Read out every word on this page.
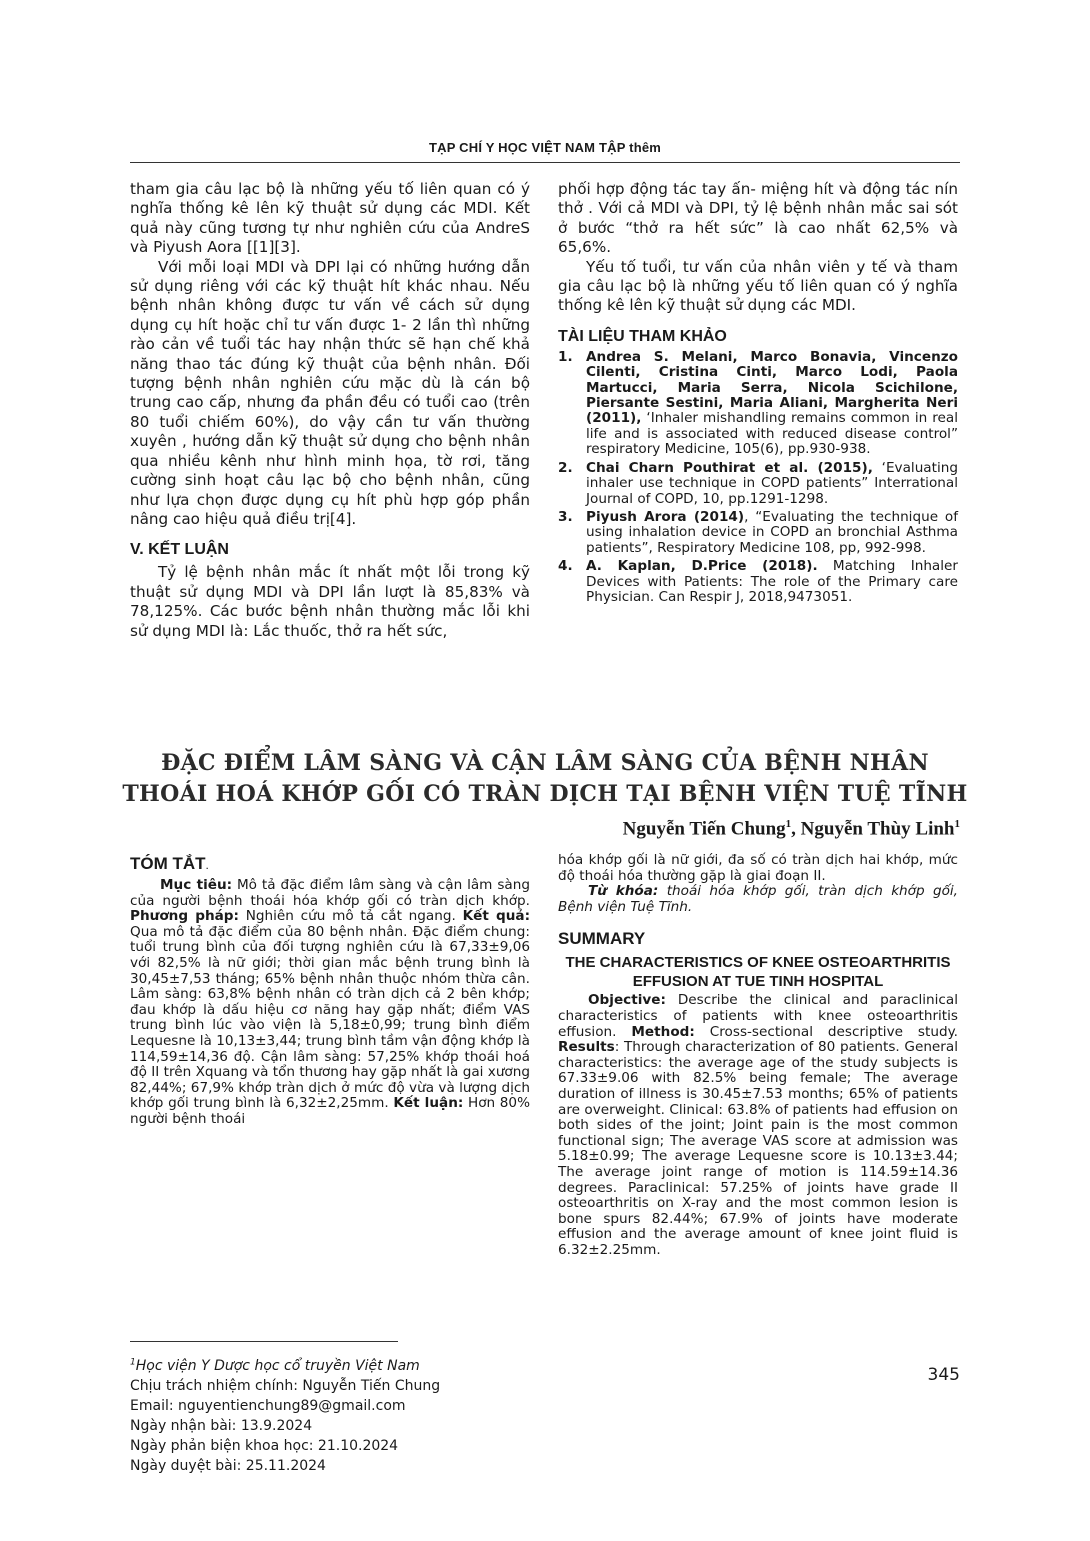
TẠP CHÍ Y HỌC VIỆT NAM TẬP thêm

tham gia câu lạc bộ là những yếu tố liên quan có ý nghĩa thống kê lên kỹ thuật sử dụng các MDI. Kết quả này cũng tương tự như nghiên cứu của AndreS và Piyush Aora [[1][3].

Với mỗi loại MDI và DPI lại có những hướng dẫn sử dụng riêng với các kỹ thuật hít khác nhau. Nếu bệnh nhân không được tư vấn về cách sử dụng dụng cụ hít hoặc chỉ tư vấn được 1- 2 lần thì những rào cản về tuổi tác hay nhận thức sẽ hạn chế khả năng thao tác đúng kỹ thuật của bệnh nhân. Đối tượng bệnh nhân nghiên cứu mặc dù là cán bộ trung cao cấp, nhưng đa phần đều có tuổi cao (trên 80 tuổi chiếm 60%), do vậy cần tư vấn thường xuyên , hướng dẫn kỹ thuật sử dụng cho bệnh nhân qua nhiều kênh như hình minh họa, tờ rơi, tăng cường sinh hoạt câu lạc bộ cho bệnh nhân, cũng như lựa chọn được dụng cụ hít phù hợp góp phần nâng cao hiệu quả điều trị[4].

V. KẾT LUẬN

Tỷ lệ bệnh nhân mắc ít nhất một lỗi trong kỹ thuật sử dụng MDI và DPI lần lượt là 85,83% và 78,125%. Các bước bệnh nhân thường mắc lỗi khi sử dụng MDI là: Lắc thuốc, thở ra hết sức,

phối hợp động tác tay ấn- miệng hít và động tác nín thở . Với cả MDI và DPI, tỷ lệ bệnh nhân mắc sai sót ở bước “thở ra hết sức” là cao nhất 62,5% và 65,6%.

Yếu tố tuổi, tư vấn của nhân viên y tế và tham gia câu lạc bộ là những yếu tố liên quan có ý nghĩa thống kê lên kỹ thuật sử dụng các MDI.

TÀI LIỆU THAM KHẢO
1. Andrea S. Melani, Marco Bonavia, Vincenzo Cilenti, Cristina Cinti, Marco Lodi, Paola Martucci, Maria Serra, Nicola Scichilone, Piersante Sestini, Maria Aliani, Margherita Neri (2011), ‘Inhaler mishandling remains common in real life and is associated with reduced disease control” respiratory Medicine, 105(6), pp.930-938.
2. Chai Charn Pouthirat et al. (2015), ‘Evaluating inhaler use technique in COPD patients” Interrational Journal of COPD, 10, pp.1291-1298.
3. Piyush Arora (2014), “Evaluating the technique of using inhalation device in COPD an bronchial Asthma patients”, Respiratory Medicine 108, pp, 992-998.
4. A. Kaplan, D.Price (2018). Matching Inhaler Devices with Patients: The role of the Primary care Physician. Can Respir J, 2018,9473051.
ĐẶC ĐIỂM LÂM SÀNG VÀ CẬN LÂM SÀNG CỦA BỆNH NHÂN
THOÁI HOÁ KHỚP GỐI CÓ TRÀN DỊCH TẠI BỆNH VIỆN TUỆ TĨNH
Nguyễn Tiến Chung$^1$, Nguyễn Thùy Linh$^1$
TÓM TẮT.

Mục tiêu: Mô tả đặc điểm lâm sàng và cận lâm sàng của người bệnh thoái hóa khớp gối có tràn dịch khớp. Phương pháp: Nghiên cứu mô tả cắt ngang. Kết quả: Qua mô tả đặc điểm của 80 bệnh nhân. Đặc điểm chung: tuổi trung bình của đối tượng nghiên cứu là 67,33±9,06 với 82,5% là nữ giới; thời gian mắc bệnh trung bình là 30,45±7,53 tháng; 65% bệnh nhân thuộc nhóm thừa cân. Lâm sàng: 63,8% bệnh nhân có tràn dịch cả 2 bên khớp; đau khớp là dấu hiệu cơ năng hay gặp nhất; điểm VAS trung bình lúc vào viện là 5,18±0,99; trung bình điểm Lequesne là 10,13±3,44; trung bình tầm vận động khớp là 114,59±14,36 độ. Cận lâm sàng: 57,25% khớp thoái hoá độ II trên Xquang và tổn thương hay gặp nhất là gai xương 82,44%; 67,9% khớp tràn dịch ở mức độ vừa và lượng dịch khớp gối trung bình là 6,32±2,25mm. Kết luận: Hơn 80% người bệnh thoái

hóa khớp gối là nữ giới, đa số có tràn dịch hai khớp, mức độ thoái hóa thường gặp là giai đoạn II.

Từ khóa: thoái hóa khớp gối, tràn dịch khớp gối, Bệnh viện Tuệ Tĩnh.

SUMMARY
THE CHARACTERISTICS OF KNEE OSTEOARTHRITIS EFFUSION AT TUE TINH HOSPITAL

Objective: Describe the clinical and paraclinical characteristics of patients with knee osteoarthritis effusion. Method: Cross-sectional descriptive study. Results: Through characterization of 80 patients. General characteristics: the average age of the study subjects is 67.33±9.06 with 82.5% being female; The average duration of illness is 30.45±7.53 months; 65% of patients are overweight. Clinical: 63.8% of patients had effusion on both sides of the joint; Joint pain is the most common functional sign; The average VAS score at admission was 5.18±0.99; The average Lequesne score is 10.13±3.44; The average joint range of motion is 114.59±14.36 degrees. Paraclinical: 57.25% of joints have grade II osteoarthritis on X-ray and the most common lesion is bone spurs 82.44%; 67.9% of joints have moderate effusion and the average amount of knee joint fluid is 6.32±2.25mm.

$^1$Học viện Y Dược học cổ truyền Việt Nam

Chịu trách nhiệm chính: Nguyễn Tiến Chung

Email: nguyentienchung89@gmail.com

Ngày nhận bài: 13.9.2024

Ngày phản biện khoa học: 21.10.2024

Ngày duyệt bài: 25.11.2024

345
